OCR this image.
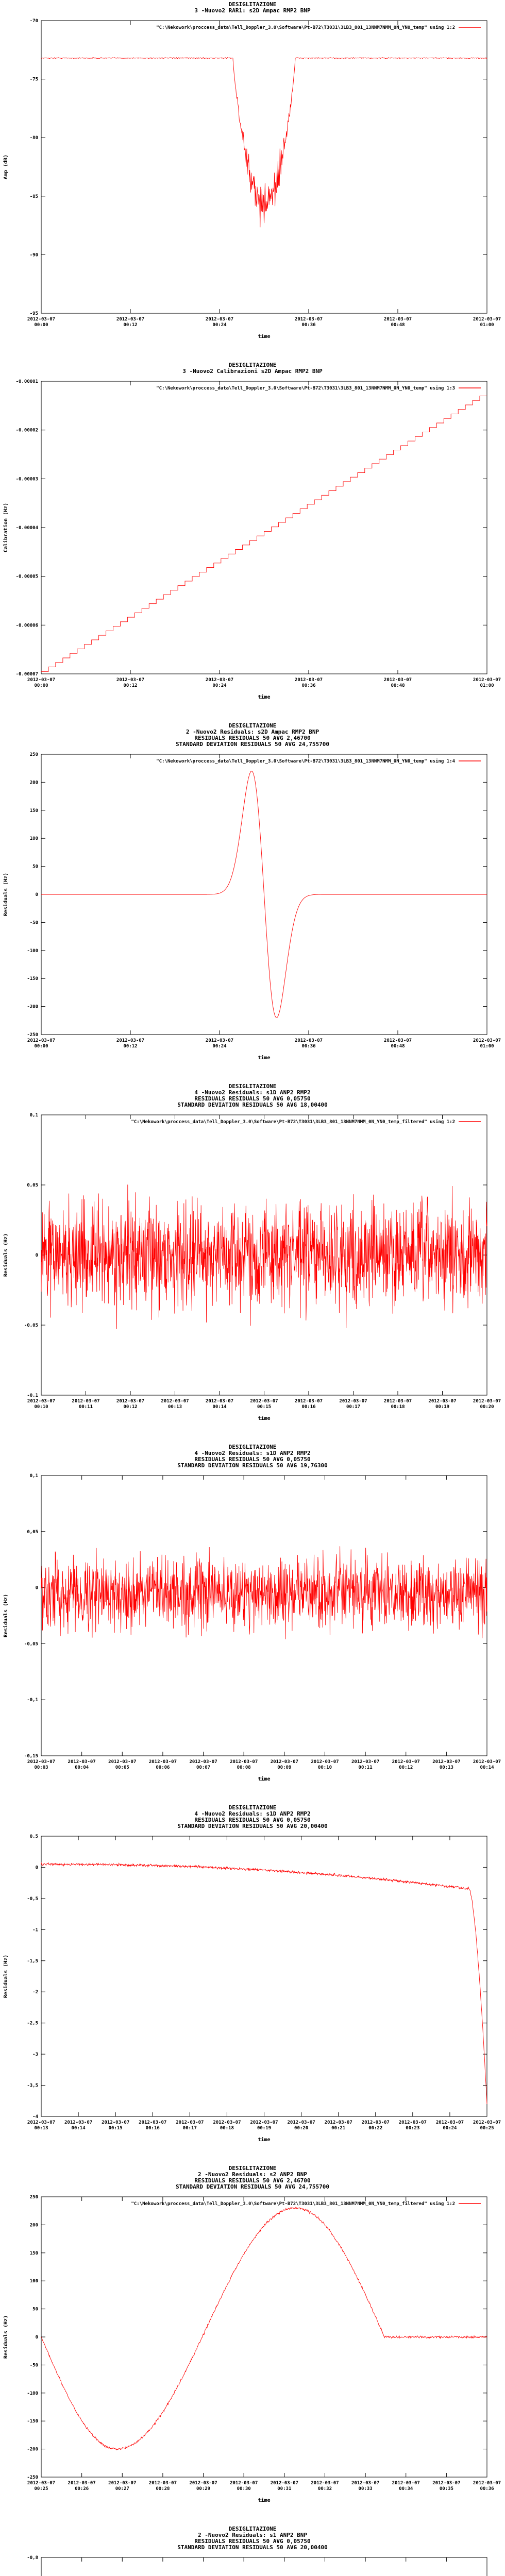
DESIGLITAZIONE
3 -Nuovo2 RAR1: s2D Ampac RMP2 BNP
-70
-75
-80
-85
-90
-95
2012-03-07
00:00
2012-03-07
00:12
2012-03-07
00:24
2012-03-07
00:36
2012-03-07
00:48
2012-03-07
01:00
time
Amp (dB)
"C:\Nekowork\proccess_data\Tell_Doppler_3.0\Software\Pt-B72\T3031\3LB3_801_13NNM7NMM_0N_YN0_temp" using 1:2
DESIGLITAZIONE
3 -Nuovo2 Calibrazioni s2D Ampac RMP2 BNP
-0.00001
-0.00002
-0.00003
-0.00004
-0.00005
-0.00006
-0.00007
2012-03-07
00:00
2012-03-07
00:12
2012-03-07
00:24
2012-03-07
00:36
2012-03-07
00:48
2012-03-07
01:00
time
Calibration (Hz)
"C:\Nekowork\proccess_data\Tell_Doppler_3.0\Software\Pt-B72\T3031\3LB3_801_13NNM7NMM_0N_YN0_temp" using 1:3
DESIGLITAZIONE
2 -Nuovo2 Residuals: s2D Ampac RMP2 BNP
RESIDUALS RESIDUALS 50 AVG 2,46700
STANDARD DEVIATION RESIDUALS 50 AVG 24,755700
250
200
150
100
50
0
-50
-100
-150
-200
-250
2012-03-07
00:00
2012-03-07
00:12
2012-03-07
00:24
2012-03-07
00:36
2012-03-07
00:48
2012-03-07
01:00
time
Residuals (Hz)
"C:\Nekowork\proccess_data\Tell_Doppler_3.0\Software\Pt-B72\T3031\3LB3_801_13NNM7NMM_0N_YN0_temp" using 1:4
DESIGLITAZIONE
4 -Nuovo2 Residuals: s1D ANP2 RMP2
RESIDUALS RESIDUALS 50 AVG 0,05750
STANDARD DEVIATION RESIDUALS 50 AVG 18,00400
0,1
0,05
0
-0,05
-0,1
2012-03-07
00:10
2012-03-07
00:11
2012-03-07
00:12
2012-03-07
00:13
2012-03-07
00:14
2012-03-07
00:15
2012-03-07
00:16
2012-03-07
00:17
2012-03-07
00:18
2012-03-07
00:19
2012-03-07
00:20
time
Residuals (Hz)
"C:\Nekowork\proccess_data\Tell_Doppler_3.0\Software\Pt-B72\T3031\3LB3_801_13NNM7NMM_0N_YN0_temp_filtered" using 1:2
DESIGLITAZIONE
4 -Nuovo2 Residuals: s1D ANP2 RMP2
RESIDUALS RESIDUALS 50 AVG 0,05750
STANDARD DEVIATION RESIDUALS 50 AVG 19,76300
0,1
0,05
0
-0,05
-0,1
-0,15
2012-03-07
00:03
2012-03-07
00:04
2012-03-07
00:05
2012-03-07
00:06
2012-03-07
00:07
2012-03-07
00:08
2012-03-07
00:09
2012-03-07
00:10
2012-03-07
00:11
2012-03-07
00:12
2012-03-07
00:13
2012-03-07
00:14
time
Residuals (Hz)
DESIGLITAZIONE
4 -Nuovo2 Residuals: s1D ANP2 RMP2
RESIDUALS RESIDUALS 50 AVG 0,05750
STANDARD DEVIATION RESIDUALS 50 AVG 20,00400
0,5
0
-0,5
-1
-1,5
-2
-2,5
-3
-3,5
-4
2012-03-07
00:13
2012-03-07
00:14
2012-03-07
00:15
2012-03-07
00:16
2012-03-07
00:17
2012-03-07
00:18
2012-03-07
00:19
2012-03-07
00:20
2012-03-07
00:21
2012-03-07
00:22
2012-03-07
00:23
2012-03-07
00:24
2012-03-07
00:25
time
Residuals (Hz)
DESIGLITAZIONE
2 -Nuovo2 Residuals: s2 ANP2 BNP
RESIDUALS RESIDUALS 50 AVG 2,46700
STANDARD DEVIATION RESIDUALS 50 AVG 24,755700
250
200
150
100
50
0
-50
-100
-150
-200
-250
2012-03-07
00:25
2012-03-07
00:26
2012-03-07
00:27
2012-03-07
00:28
2012-03-07
00:29
2012-03-07
00:30
2012-03-07
00:31
2012-03-07
00:32
2012-03-07
00:33
2012-03-07
00:34
2012-03-07
00:35
2012-03-07
00:36
time
Residuals (Hz)
"C:\Nekowork\proccess_data\Tell_Doppler_3.0\Software\Pt-B72\T3031\3LB3_801_13NNM7NMM_0N_YN0_temp_filtered" using 1:2
DESIGLITAZIONE
2 -Nuovo2 Residuals: s1 ANP2 BNP
RESIDUALS RESIDUALS 50 AVG 0,05750
STANDARD DEVIATION RESIDUALS 50 AVG 20,00400
-0,8
